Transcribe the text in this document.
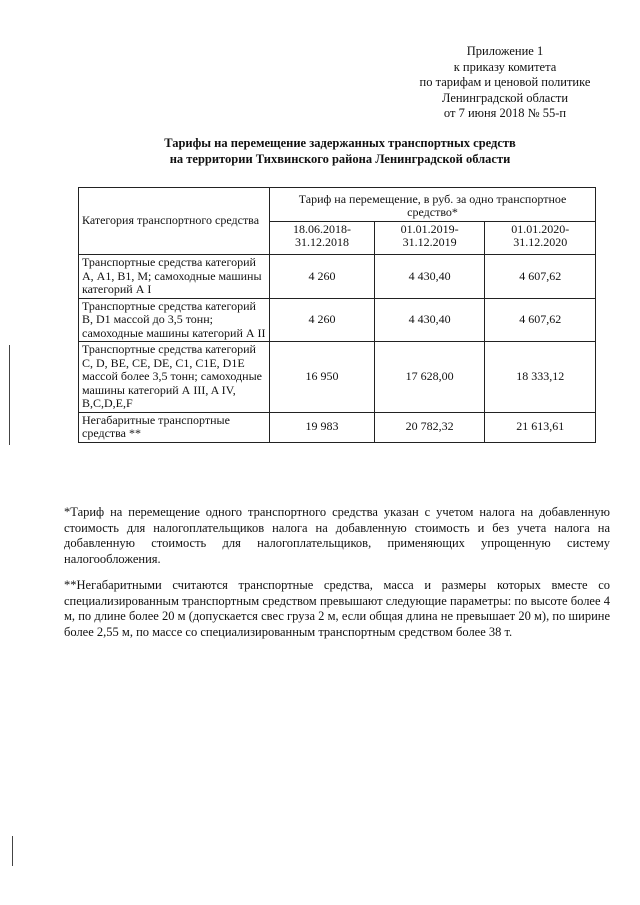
Приложение 1
к приказу комитета
по тарифам и ценовой политике
Ленинградской области
от 7 июня 2018 № 55-п
Тарифы на перемещение задержанных транспортных средств
на территории Тихвинского района Ленинградской области
Категория транспортного средства	Тариф на перемещение, в руб. за одно транспортное средство*		
	18.06.2018-31.12.2018	01.01.2019-31.12.2019	01.01.2020-31.12.2020
Транспортные средства категорий А, А1, В1, М; самоходные машины категорий А I	4 260	4 430,40	4 607,62
Транспортные средства категорий В, D1 массой до 3,5 тонн; самоходные машины категорий А II	4 260	4 430,40	4 607,62
Транспортные средства категорий С, D, ВЕ, СЕ, DE, С1, С1Е, D1E массой более 3,5 тонн; самоходные машины категорий А III, A IV, B,C,D,E,F	16 950	17 628,00	18 333,12
Негабаритные транспортные средства **	19 983	20 782,32	21 613,61
*Тариф на перемещение одного транспортного средства указан с учетом налога на добавленную стоимость для налогоплательщиков налога на добавленную стоимость и без учета налога на добавленную стоимость для налогоплательщиков, применяющих упрощенную систему налогообложения.
**Негабаритными считаются транспортные средства, масса и размеры которых вместе со специализированным транспортным средством превышают следующие параметры: по высоте более 4 м, по длине более 20 м (допускается свес груза 2 м, если общая длина не превышает 20 м), по ширине более 2,55 м, по массе со специализированным транспортным средством более 38 т.
